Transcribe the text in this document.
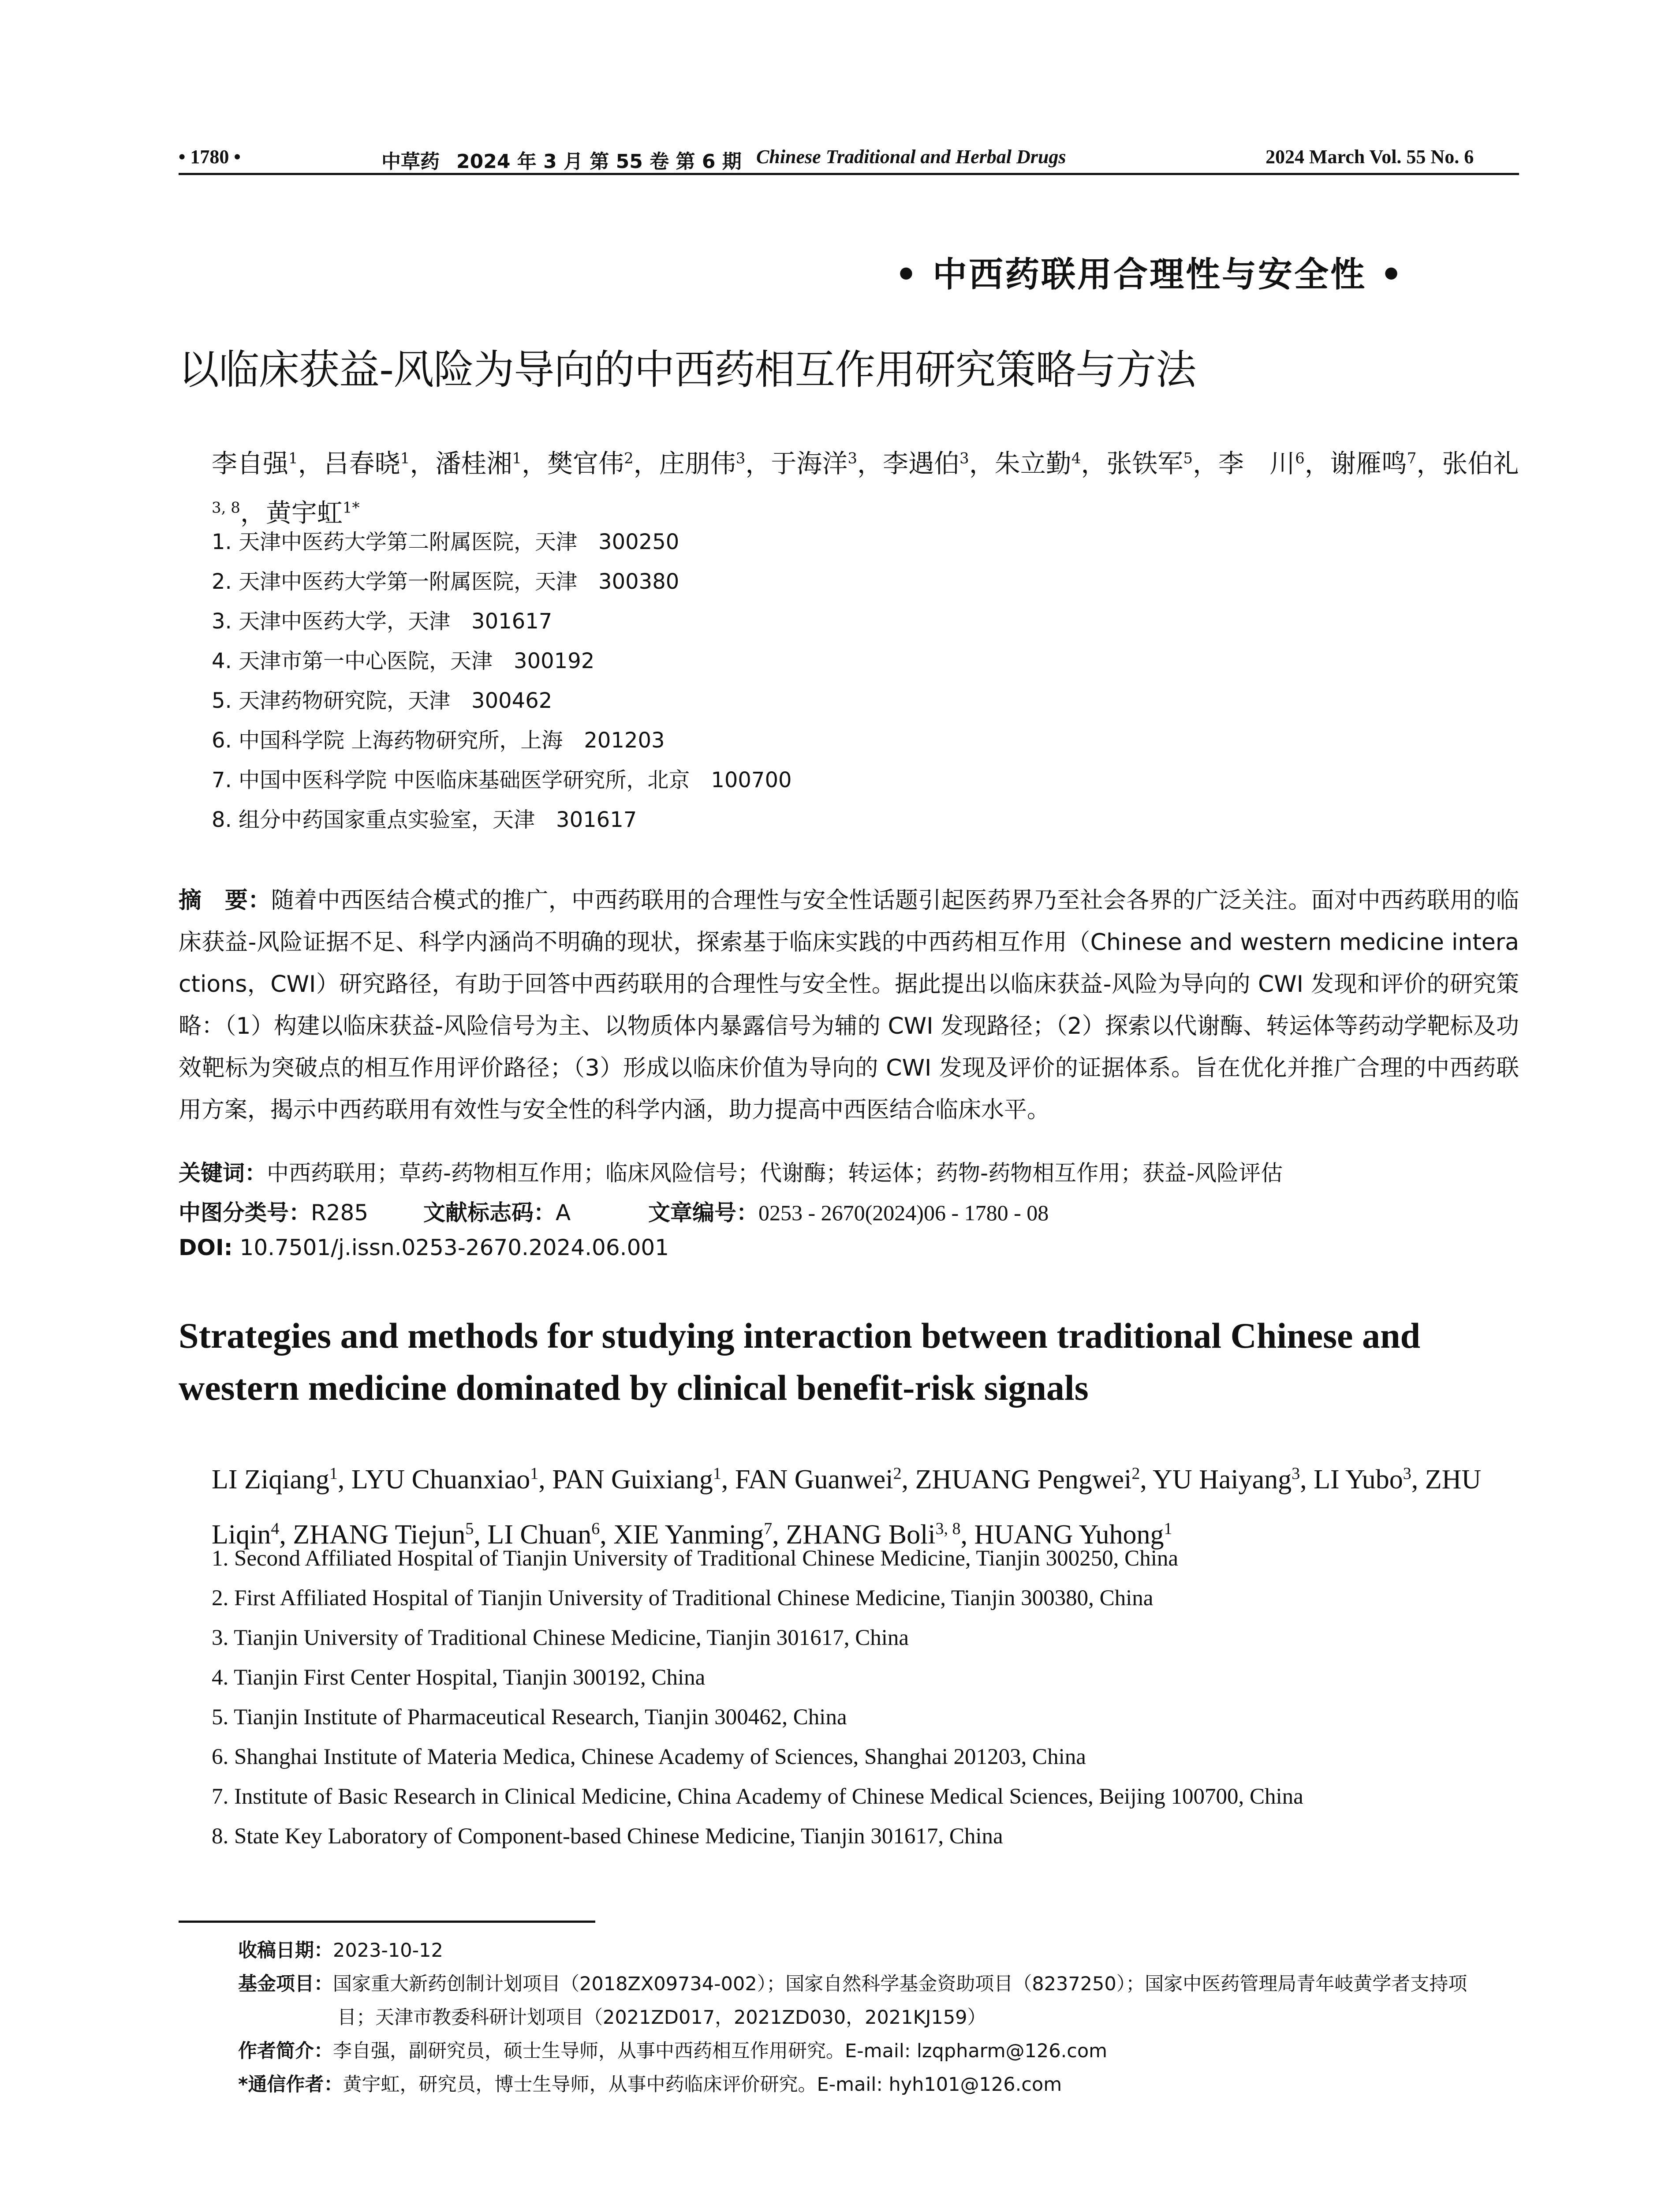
• 1780 •	中草药 2024 年 3 月 第 55 卷 第 6 期 Chinese Traditional and Herbal Drugs	2024 March Vol. 55 No. 6
• 中西药联用合理性与安全性 •
以临床获益-风险为导向的中西药相互作用研究策略与方法
李自强$^1$，吕春晓$^1$，潘桂湘$^1$，樊官伟$^2$，庄朋伟$^3$，于海洋$^3$，李遇伯$^3$，朱立勤$^4$，张铁军$^5$，李　川$^6$，谢雁鸣$^7$，张伯礼$^{3, 8}$，黄宇虹$^{1*}$
1. 天津中医药大学第二附属医院，天津　300250
2. 天津中医药大学第一附属医院，天津　300380
3. 天津中医药大学，天津　301617
4. 天津市第一中心医院，天津　300192
5. 天津药物研究院，天津　300462
6. 中国科学院 上海药物研究所，上海　201203
7. 中国中医科学院 中医临床基础医学研究所，北京　100700
8. 组分中药国家重点实验室，天津　301617
摘　要：随着中西医结合模式的推广，中西药联用的合理性与安全性话题引起医药界乃至社会各界的广泛关注。面对中西药联用的临床获益-风险证据不足、科学内涵尚不明确的现状，探索基于临床实践的中西药相互作用（Chinese and western medicine interactions，CWI）研究路径，有助于回答中西药联用的合理性与安全性。据此提出以临床获益-风险为导向的 CWI 发现和评价的研究策略：（1）构建以临床获益-风险信号为主、以物质体内暴露信号为辅的 CWI 发现路径；（2）探索以代谢酶、转运体等药动学靶标及功效靶标为突破点的相互作用评价路径；（3）形成以临床价值为导向的 CWI 发现及评价的证据体系。旨在优化并推广合理的中西药联用方案，揭示中西药联用有效性与安全性的科学内涵，助力提高中西医结合临床水平。
关键词：中西药联用；草药-药物相互作用；临床风险信号；代谢酶；转运体；药物-药物相互作用；获益-风险评估
中图分类号：R285 文献标志码：A	文章编号：0253 - 2670(2024)06 - 1780 - 08
DOI: 10.7501/j.issn.0253-2670.2024.06.001
Strategies and methods for studying interaction between traditional Chinese and western medicine dominated by clinical benefit-risk signals
LI Ziqiang$^1$, LYU Chuanxiao$^1$, PAN Guixiang$^1$, FAN Guanwei$^2$, ZHUANG Pengwei$^2$, YU Haiyang$^3$, LI Yubo$^3$, ZHU Liqin$^4$, ZHANG Tiejun$^5$, LI Chuan$^6$, XIE Yanming$^7$, ZHANG Boli$^{3, 8}$, HUANG Yuhong$^1$
1. Second Affiliated Hospital of Tianjin University of Traditional Chinese Medicine, Tianjin 300250, China
2. First Affiliated Hospital of Tianjin University of Traditional Chinese Medicine, Tianjin 300380, China
3. Tianjin University of Traditional Chinese Medicine, Tianjin 301617, China
4. Tianjin First Center Hospital, Tianjin 300192, China
5. Tianjin Institute of Pharmaceutical Research, Tianjin 300462, China
6. Shanghai Institute of Materia Medica, Chinese Academy of Sciences, Shanghai 201203, China
7. Institute of Basic Research in Clinical Medicine, China Academy of Chinese Medical Sciences, Beijing 100700, China
8. State Key Laboratory of Component-based Chinese Medicine, Tianjin 301617, China
收稿日期：2023-10-12
基金项目：国家重大新药创制计划项目（2018ZX09734-002）；国家自然科学基金资助项目（8237250）；国家中医药管理局青年岐黄学者支持项
目；天津市教委科研计划项目（2021ZD017，2021ZD030，2021KJ159）
作者简介：李自强，副研究员，硕士生导师，从事中西药相互作用研究。E-mail: lzqpharm@126.com
*通信作者：黄宇虹，研究员，博士生导师，从事中药临床评价研究。E-mail: hyh101@126.com
